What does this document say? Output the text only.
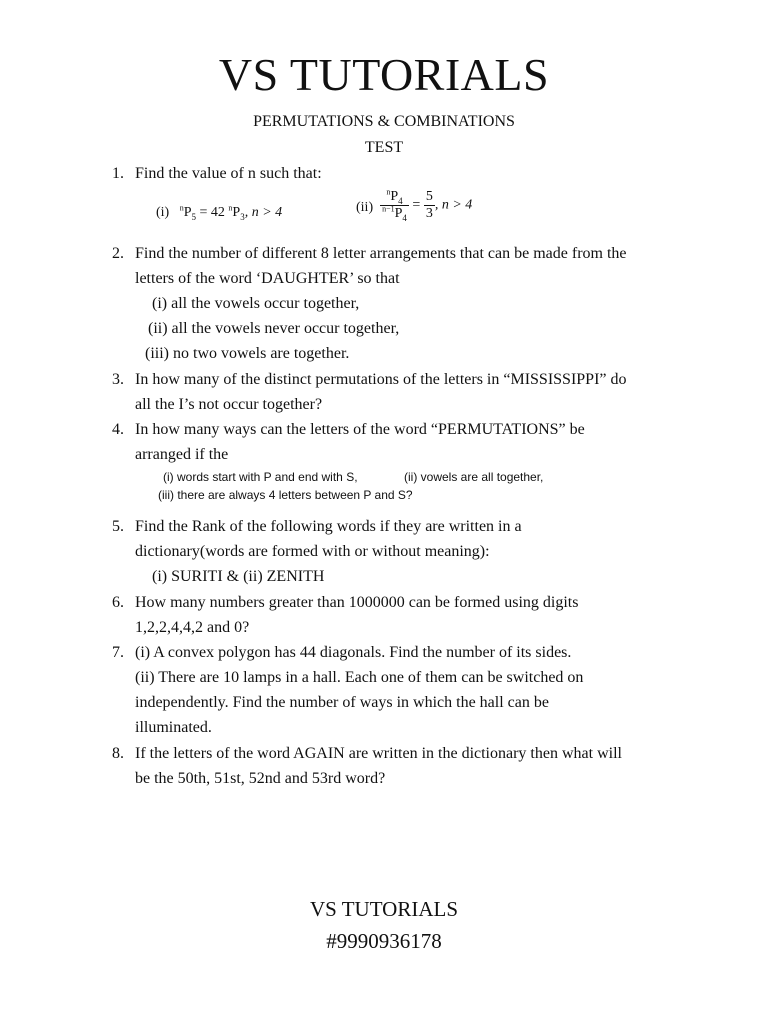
VS TUTORIALS
PERMUTATIONS & COMBINATIONS
TEST
1. Find the value of n such that:
(i) $^nP_5 = 42$ $^nP_3$, n > 4	$(ii) \frac{^nP_4}{^{n-1}P_4} = \frac{5}{3}$ , n > 4
2. Find the number of different 8 letter arrangements that can be made from the
letters of the word ‘DAUGHTER’ so that
(i) all the vowels occur together,
(ii) all the vowels never occur together,
(iii) no two vowels are together.
3. In how many of the distinct permutations of the letters in “MISSISSIPPI” do
all the I’s not occur together?
4. In how many ways can the letters of the word “PERMUTATIONS” be
arranged if the
(i) words start with P and end with S,	(ii) vowels are all together,
(iii) there are always 4 letters between P and S?
5. Find the Rank of the following words if they are written in a
dictionary(words are formed with or without meaning):
(i) SURITI & (ii) ZENITH
6. How many numbers greater than 1000000 can be formed using digits
1,2,2,4,4,2 and 0?
7. (i) A convex polygon has 44 diagonals. Find the number of its sides.
(ii) There are 10 lamps in a hall. Each one of them can be switched on
independently. Find the number of ways in which the hall can be
illuminated.
8. If the letters of the word AGAIN are written in the dictionary then what will
be the 50th, 51st, 52nd and 53rd word?
VS TUTORIALS
#9990936178
